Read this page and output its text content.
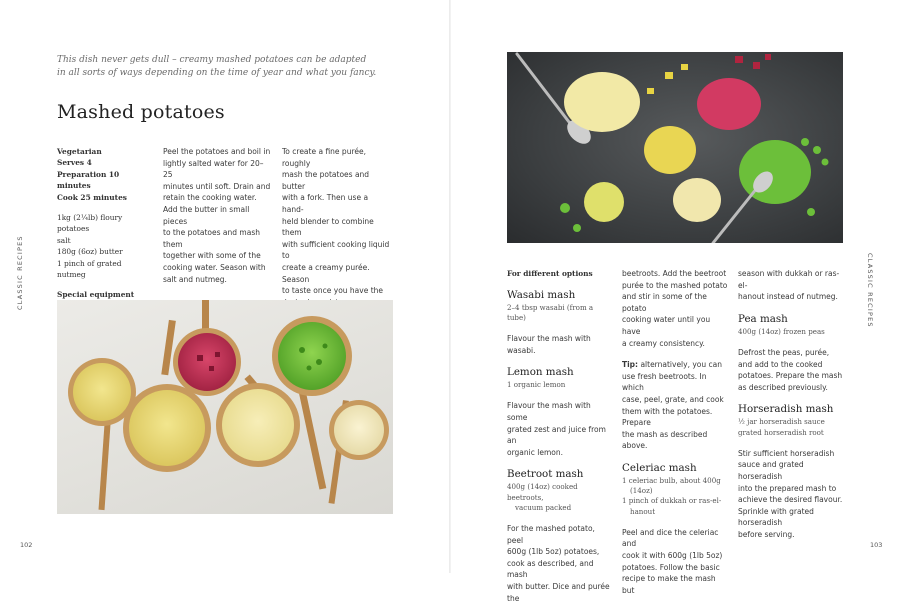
This dish never gets dull – creamy mashed potatoes can be adapted in all sorts of ways depending on the time of year and what you fancy.
Mashed potatoes
Vegetarian
Serves 4
Preparation 10 minutes
Cook 25 minutes
1kg (2¼lb) floury potatoes
salt
180g (6oz) butter
1 pinch of grated nutmeg
Special equipment
Peel the potatoes and boil in
lightly salted water for 20–25
minutes until soft. Drain and
retain the cooking water.
Add the butter in small pieces
to the potatoes and mash them
together with some of the
cooking water. Season with
salt and nutmeg.
To create a fine purée, roughly
mash the potatoes and butter
with a fork. Then use a hand-
held blender to combine them
with sufficient cooking liquid to
create a creamy purée. Season
to taste once you have the
CLASSIC RECIPES
102
For different options
Wasabi mash
2–4 tbsp wasabi (from a tube)
Flavour the mash with wasabi.
Lemon mash
1 organic lemon
Flavour the mash with some
grated zest and juice from an
organic lemon.
Beetroot mash
400g (14oz) cooked beetroots,
vacuum packed
For the mashed potato, peel
600g (1lb 5oz) potatoes,
cook as described, and mash
with butter. Dice and purée the
beetroots. Add the beetroot
purée to the mashed potato
and stir in some of the potato
cooking water until you have
a creamy consistency.
Tip: alternatively, you can
use fresh beetroots. In which
case, peel, grate, and cook
them with the potatoes. Prepare
the mash as described above.
Celeriac mash
1 celeriac bulb, about 400g
(14oz)
1 pinch of dukkah or ras-el-
hanout
Peel and dice the celeriac and
cook it with 600g (1lb 5oz)
potatoes. Follow the basic
recipe to make the mash but
season with dukkah or ras-el-
hanout instead of nutmeg.
Pea mash
400g (14oz) frozen peas
Defrost the peas, purée,
and add to the cooked
potatoes. Prepare the mash
as described previously.
Horseradish mash
½ jar horseradish sauce
grated horseradish root
Stir sufficient horseradish
sauce and grated horseradish
into the prepared mash to
achieve the desired flavour.
Sprinkle with grated horseradish
before serving.
CLASSIC RECIPES
103
